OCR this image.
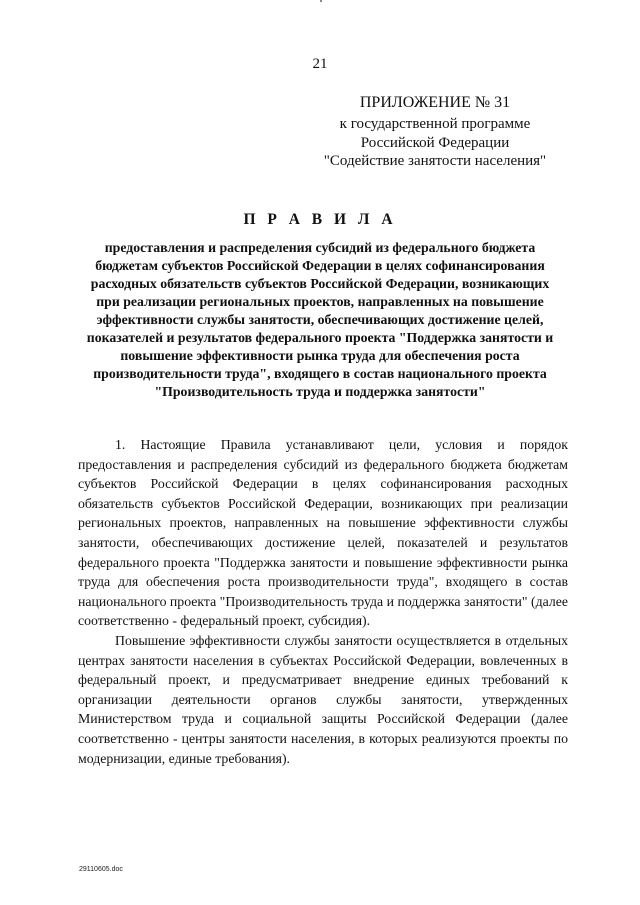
21
ПРИЛОЖЕНИЕ № 31
к государственной программе
Российской Федерации
"Содействие занятости населения"
П Р А В И Л А
предоставления и распределения субсидий из федерального бюджета бюджетам субъектов Российской Федерации в целях софинансирования расходных обязательств субъектов Российской Федерации, возникающих при реализации региональных проектов, направленных на повышение эффективности службы занятости, обеспечивающих достижение целей, показателей и результатов федерального проекта "Поддержка занятости и повышение эффективности рынка труда для обеспечения роста производительности труда", входящего в состав национального проекта "Производительность труда и поддержка занятости"

1. Настоящие Правила устанавливают цели, условия и порядок предоставления и распределения субсидий из федерального бюджета бюджетам субъектов Российской Федерации в целях софинансирования расходных обязательств субъектов Российской Федерации, возникающих при реализации региональных проектов, направленных на повышение эффективности службы занятости, обеспечивающих достижение целей, показателей и результатов федерального проекта "Поддержка занятости и повышение эффективности рынка труда для обеспечения роста производительности труда", входящего в состав национального проекта "Производительность труда и поддержка занятости" (далее соответственно - федеральный проект, субсидия).

Повышение эффективности службы занятости осуществляется в отдельных центрах занятости населения в субъектах Российской Федерации, вовлеченных в федеральный проект, и предусматривает внедрение единых требований к организации деятельности органов службы занятости, утвержденных Министерством труда и социальной защиты Российской Федерации (далее соответственно - центры занятости населения, в которых реализуются проекты по модернизации, единые требования).

29110605.doc
